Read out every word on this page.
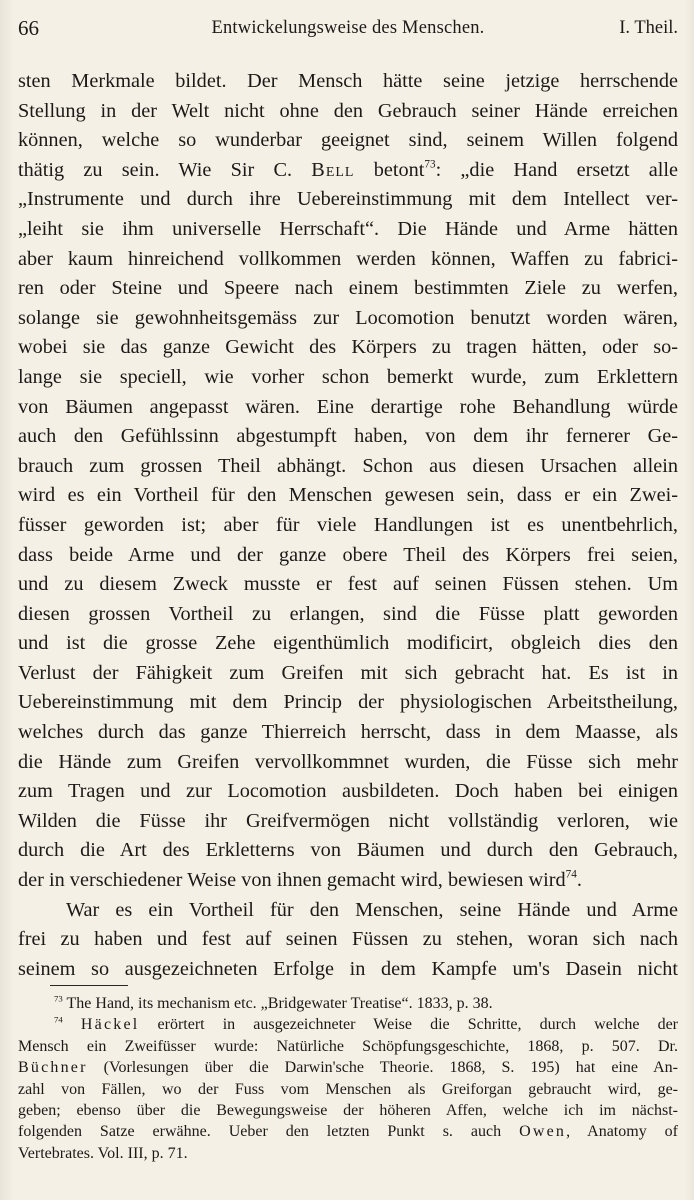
66	Entwickelungsweise des Menschen.	I. Theil.
sten Merkmale bildet. Der Mensch hätte seine jetzige herrschende
Stellung in der Welt nicht ohne den Gebrauch seiner Hände erreichen
können, welche so wunderbar geeignet sind, seinem Willen folgend
thätig zu sein. Wie Sir C. Bell betont$^{73}$: „die Hand ersetzt alle
„Instrumente und durch ihre Uebereinstimmung mit dem Intellect ver-
„leiht sie ihm universelle Herrschaft“. Die Hände und Arme hätten
aber kaum hinreichend vollkommen werden können, Waffen zu fabrici-
ren oder Steine und Speere nach einem bestimmten Ziele zu werfen,
solange sie gewohnheitsgemäss zur Locomotion benutzt worden wären,
wobei sie das ganze Gewicht des Körpers zu tragen hätten, oder so-
lange sie speciell, wie vorher schon bemerkt wurde, zum Erklettern
von Bäumen angepasst wären. Eine derartige rohe Behandlung würde
auch den Gefühlssinn abgestumpft haben, von dem ihr fernerer Ge-
brauch zum grossen Theil abhängt. Schon aus diesen Ursachen allein
wird es ein Vortheil für den Menschen gewesen sein, dass er ein Zwei-
füsser geworden ist; aber für viele Handlungen ist es unentbehrlich,
dass beide Arme und der ganze obere Theil des Körpers frei seien,
und zu diesem Zweck musste er fest auf seinen Füssen stehen. Um
diesen grossen Vortheil zu erlangen, sind die Füsse platt geworden
und ist die grosse Zehe eigenthümlich modificirt, obgleich dies den
Verlust der Fähigkeit zum Greifen mit sich gebracht hat. Es ist in
Uebereinstimmung mit dem Princip der physiologischen Arbeitstheilung,
welches durch das ganze Thierreich herrscht, dass in dem Maasse, als
die Hände zum Greifen vervollkommnet wurden, die Füsse sich mehr
zum Tragen und zur Locomotion ausbildeten. Doch haben bei einigen
Wilden die Füsse ihr Greifvermögen nicht vollständig verloren, wie
durch die Art des Erkletterns von Bäumen und durch den Gebrauch,
der in verschiedener Weise von ihnen gemacht wird, bewiesen wird$^{74}$.
War es ein Vortheil für den Menschen, seine Hände und Arme
frei zu haben und fest auf seinen Füssen zu stehen, woran sich nach
seinem so ausgezeichneten Erfolge in dem Kampfe um's Dasein nicht
$^{73}$ The Hand, its mechanism etc. „Bridgewater Treatise“. 1833, p. 38.
$^{74}$ Häckel erörtert in ausgezeichneter Weise die Schritte, durch welche der
Mensch ein Zweifüsser wurde: Natürliche Schöpfungsgeschichte, 1868, p. 507. Dr.
Büchner (Vorlesungen über die Darwin'sche Theorie. 1868, S. 195) hat eine An-
zahl von Fällen, wo der Fuss vom Menschen als Greiforgan gebraucht wird, ge-
geben; ebenso über die Bewegungsweise der höheren Affen, welche ich im nächst-
folgenden Satze erwähne. Ueber den letzten Punkt s. auch Owen, Anatomy of
Vertebrates. Vol. III, p. 71.
